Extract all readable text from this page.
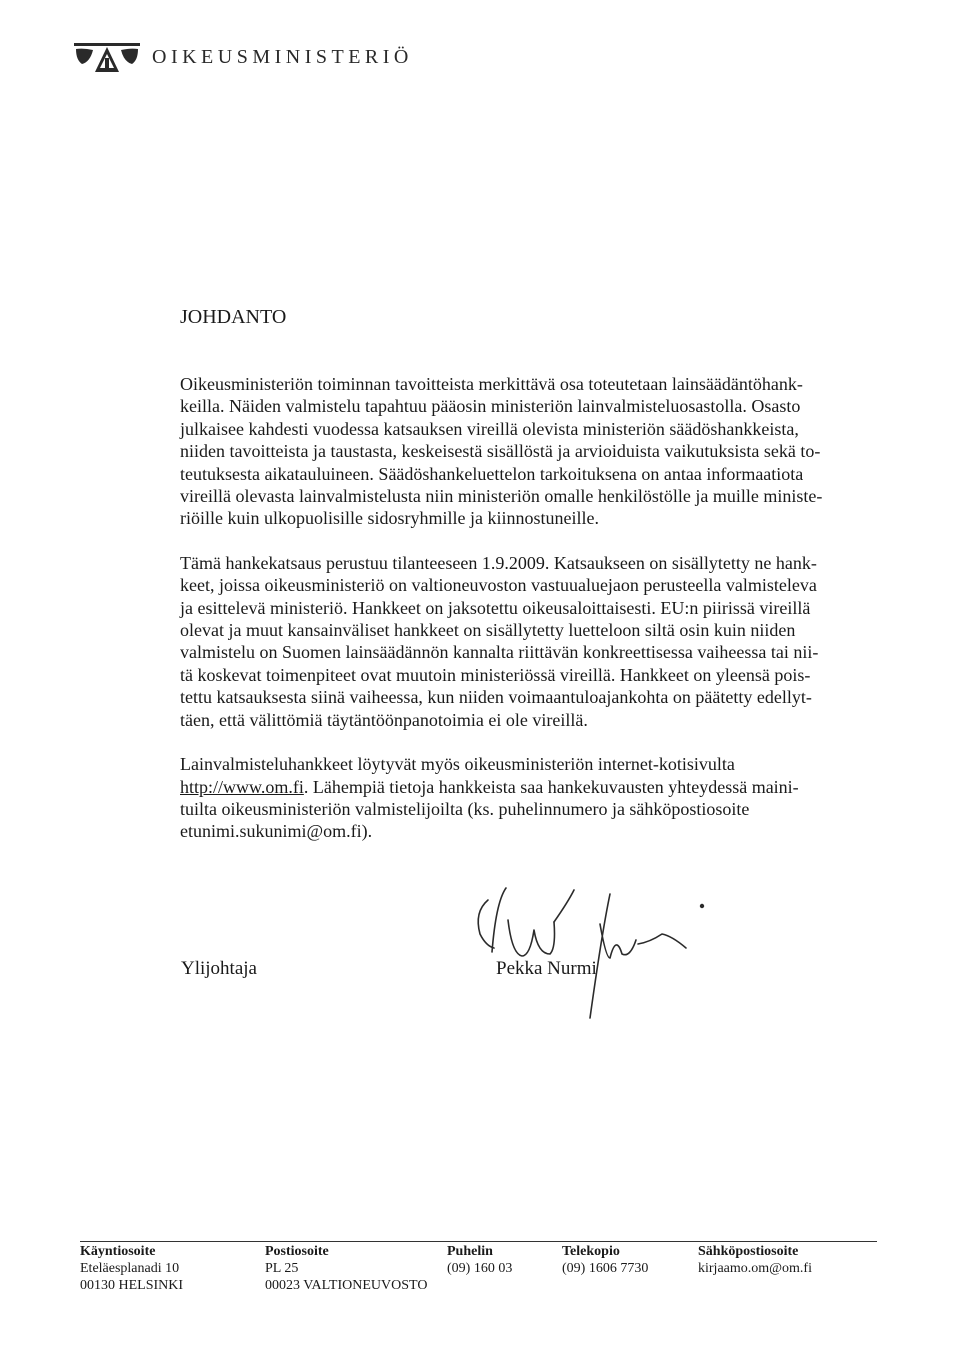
OIKEUSMINISTERIÖ
JOHDANTO

Oikeusministeriön toiminnan tavoitteista merkittävä osa toteutetaan lainsäädäntöhank-
keilla. Näiden valmistelu tapahtuu pääosin ministeriön lainvalmisteluosastolla. Osasto
julkaisee kahdesti vuodessa katsauksen vireillä olevista ministeriön säädöshankkeista,
niiden tavoitteista ja taustasta, keskeisestä sisällöstä ja arvioiduista vaikutuksista sekä to-
teutuksesta aikatauluineen. Säädöshankeluettelon tarkoituksena on antaa informaatiota
vireillä olevasta lainvalmistelusta niin ministeriön omalle henkilöstölle ja muille ministe-
riöille kuin ulkopuolisille sidosryhmille ja kiinnostuneille.

Tämä hankekatsaus perustuu tilanteeseen 1.9.2009. Katsaukseen on sisällytetty ne hank-
keet, joissa oikeusministeriö on valtioneuvoston vastuualuejaon perusteella valmisteleva
ja esittelevä ministeriö. Hankkeet on jaksotettu oikeusaloittaisesti. EU:n piirissä vireillä
olevat ja muut kansainväliset hankkeet on sisällytetty luetteloon siltä osin kuin niiden
valmistelu on Suomen lainsäädännön kannalta riittävän konkreettisessa vaiheessa tai nii-
tä koskevat toimenpiteet ovat muutoin ministeriössä vireillä. Hankkeet on yleensä pois-
tettu katsauksesta siinä vaiheessa, kun niiden voimaantuloajankohta on päätetty edellyt-
täen, että välittömiä täytäntöönpanotoimia ei ole vireillä.

Lainvalmisteluhankkeet löytyvät myös oikeusministeriön internet-kotisivulta
http://www.om.fi. Lähempiä tietoja hankkeista saa hankekuvausten yhteydessä maini-
tuilta oikeusministeriön valmistelijoilta (ks. puhelinnumero ja sähköpostiosoite
etunimi.sukunimi@om.fi).

Ylijohtaja	Pekka Nurmi

Käyntiosoite
Eteläesplanadi 10
00130 HELSINKI
Postiosoite
PL 25
00023 VALTIONEUVOSTO
Puhelin
(09) 160 03
Telekopio
(09) 1606 7730
Sähköpostiosoite
kirjaamo.om@om.fi
